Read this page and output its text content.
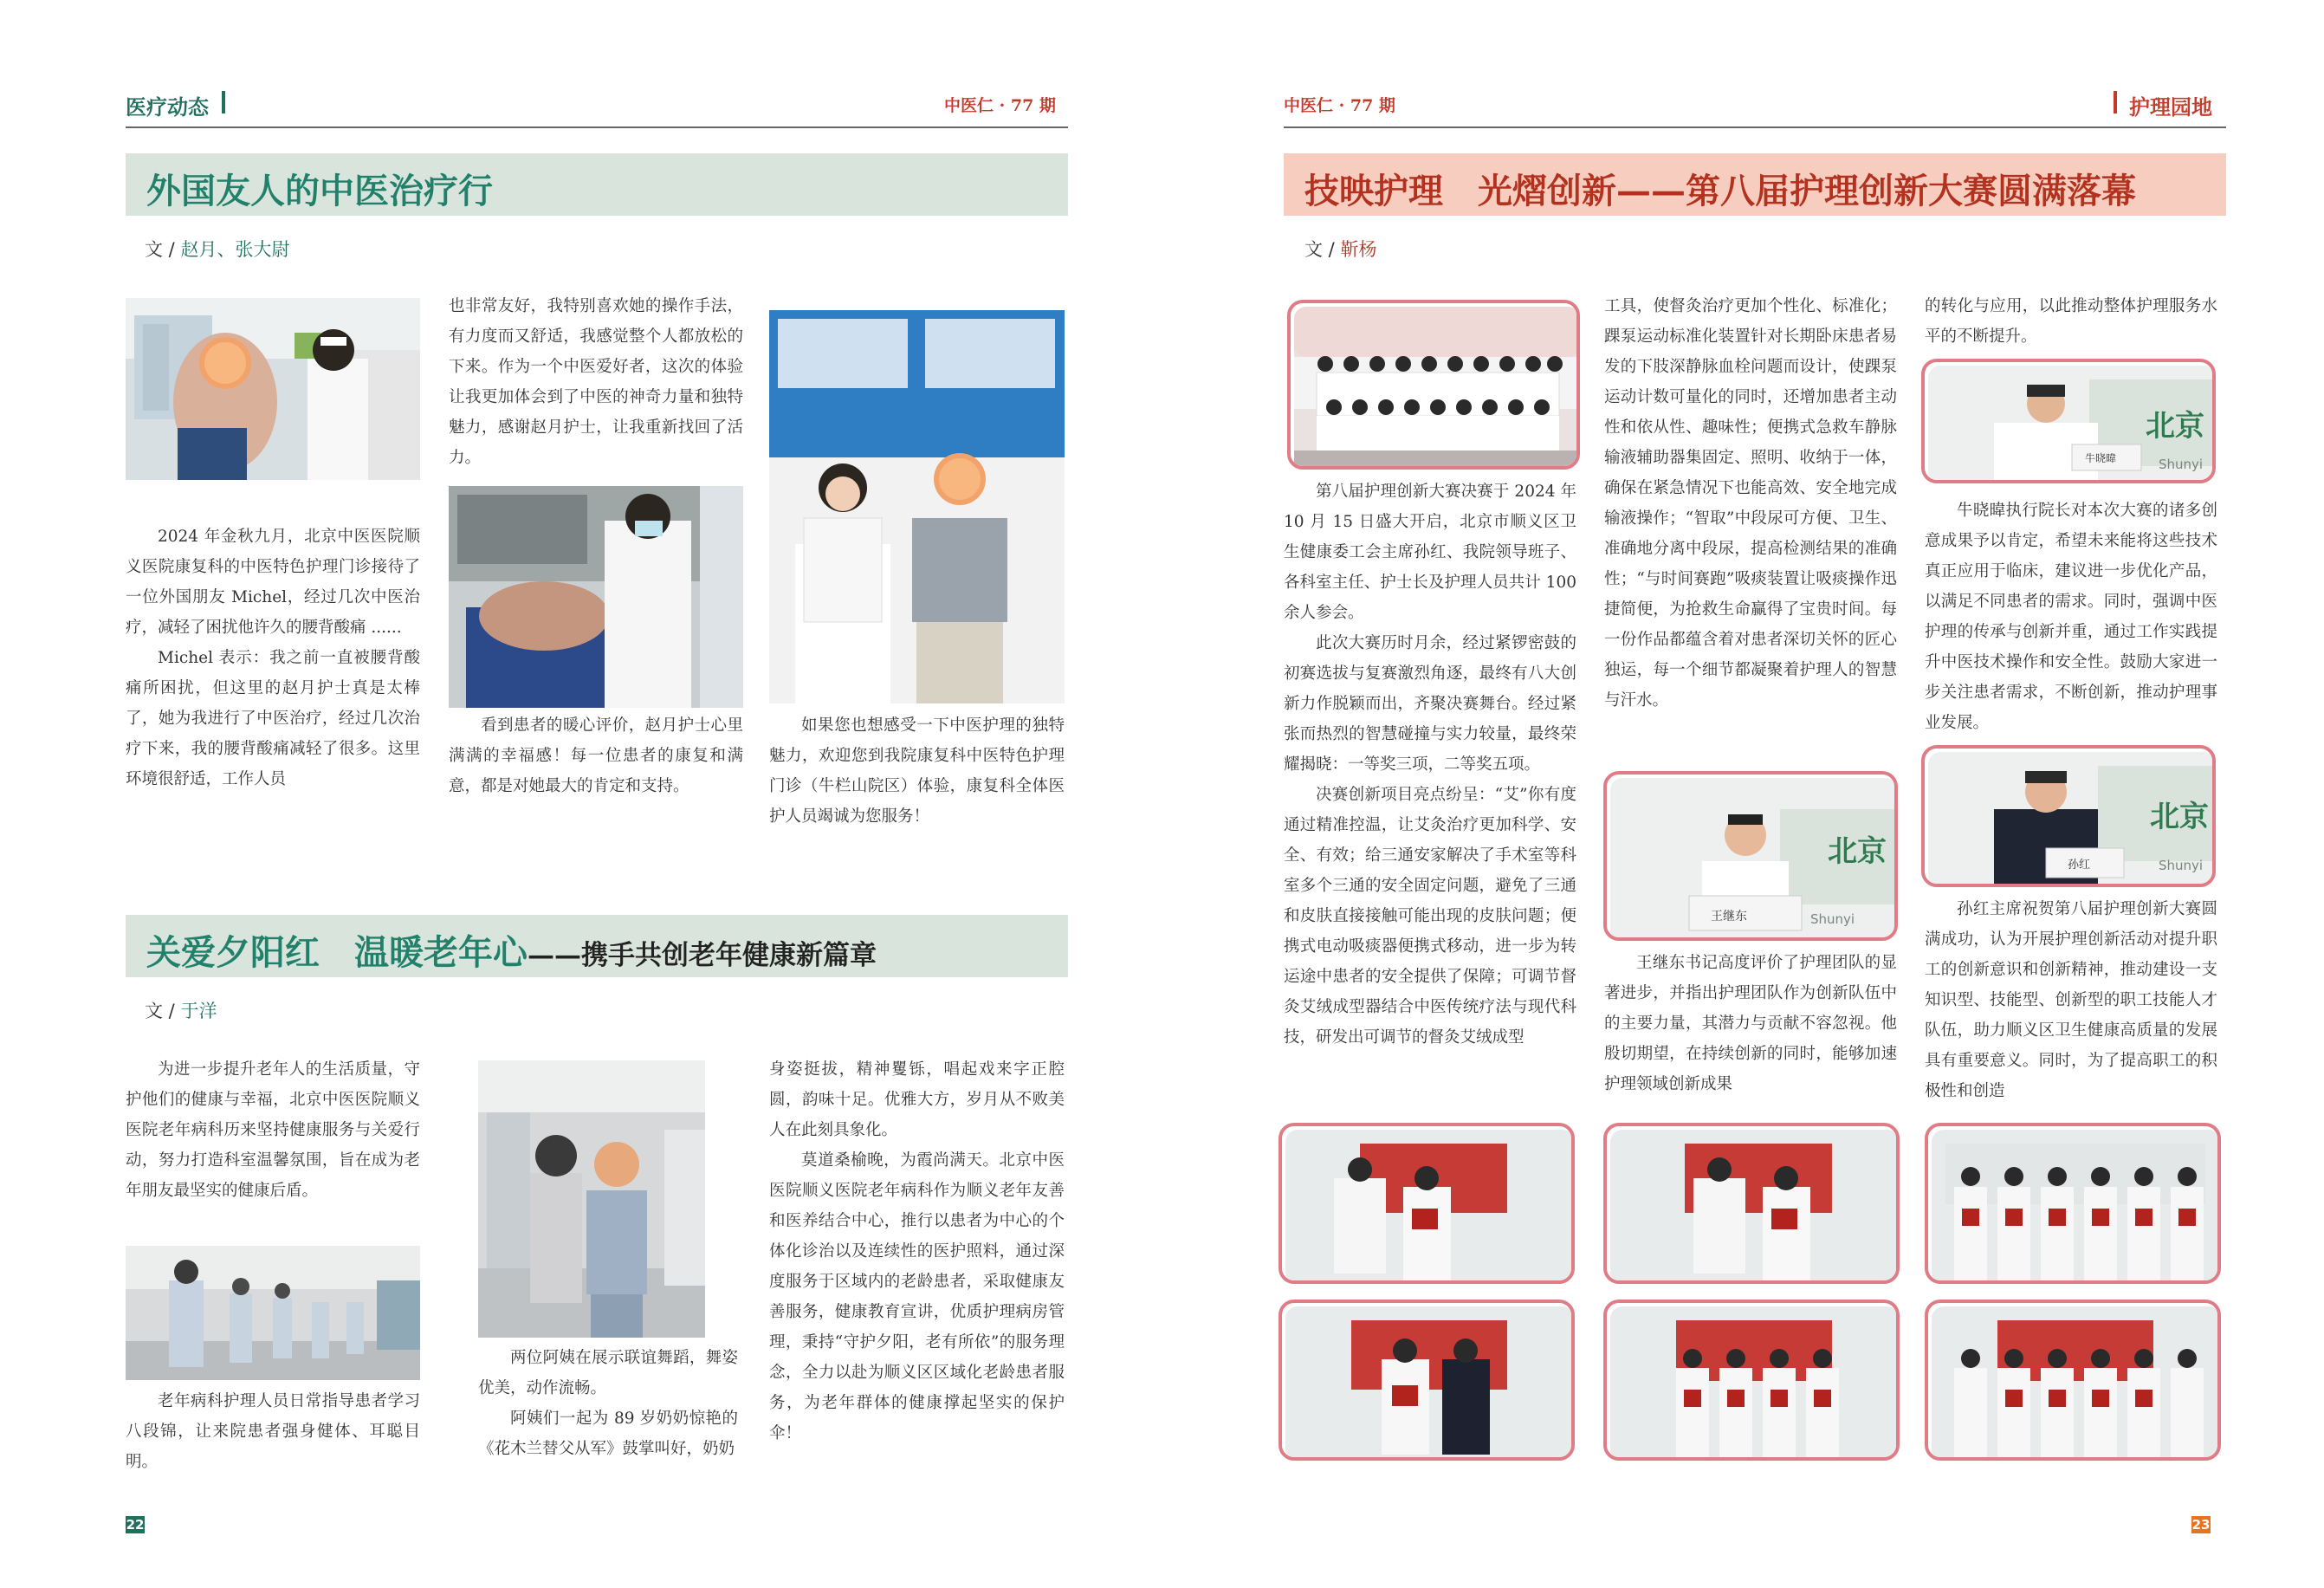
医疗动态	中医仁 · 77 期	中医仁 · 77 期	护理园地
外国友人的中医治疗行
文 / 赵月、张大尉

2024 年金秋九月，北京中医医院顺义医院康复科的中医特色护理门诊接待了一位外国朋友 Michel，经过几次中医治疗，减轻了困扰他许久的腰背酸痛 ......

Michel 表示：我之前一直被腰背酸痛所困扰，但这里的赵月护士真是太棒了，她为我进行了中医治疗，经过几次治疗下来，我的腰背酸痛减轻了很多。这里环境很舒适，工作人员

也非常友好，我特别喜欢她的操作手法，有力度而又舒适，我感觉整个人都放松的下来。作为一个中医爱好者，这次的体验让我更加体会到了中医的神奇力量和独特魅力，感谢赵月护士，让我重新找回了活力。

看到患者的暖心评价，赵月护士心里满满的幸福感！每一位患者的康复和满意，都是对她最大的肯定和支持。

如果您也想感受一下中医护理的独特魅力，欢迎您到我院康复科中医特色护理门诊（牛栏山院区）体验，康复科全体医护人员竭诚为您服务！

关爱夕阳红　温暖老年心——携手共创老年健康新篇章
文 / 于洋

为进一步提升老年人的生活质量，守护他们的健康与幸福，北京中医医院顺义医院老年病科历来坚持健康服务与关爱行动，努力打造科室温馨氛围，旨在成为老年朋友最坚实的健康后盾。

老年病科护理人员日常指导患者学习八段锦，让来院患者强身健体、耳聪目明。

两位阿姨在展示联谊舞蹈，舞姿优美，动作流畅。

阿姨们一起为 89 岁奶奶惊艳的《花木兰替父从军》鼓掌叫好，奶奶

身姿挺拔，精神矍铄，唱起戏来字正腔圆，韵味十足。优雅大方，岁月从不败美人在此刻具象化。

莫道桑榆晚，为霞尚满天。北京中医医院顺义医院老年病科作为顺义老年友善和医养结合中心，推行以患者为中心的个体化诊治以及连续性的医护照料，通过深度服务于区域内的老龄患者，采取健康友善服务，健康教育宣讲，优质护理病房管理，秉持“守护夕阳，老有所依”的服务理念，全力以赴为顺义区区域化老龄患者服务，为老年群体的健康撑起坚实的保护伞！

22
技映护理　光熠创新——第八届护理创新大赛圆满落幕
文 / 靳杨

第八届护理创新大赛决赛于 2024 年 10 月 15 日盛大开启，北京市顺义区卫生健康委工会主席孙红、我院领导班子、各科室主任、护士长及护理人员共计 100 余人参会。

此次大赛历时月余，经过紧锣密鼓的初赛选拔与复赛激烈角逐，最终有八大创新力作脱颖而出，齐聚决赛舞台。经过紧张而热烈的智慧碰撞与实力较量，最终荣耀揭晓：一等奖三项，二等奖五项。

决赛创新项目亮点纷呈：“艾”你有度通过精准控温，让艾灸治疗更加科学、安全、有效；给三通安家解决了手术室等科室多个三通的安全固定问题，避免了三通和皮肤直接接触可能出现的皮肤问题；便携式电动吸痰器便携式移动，进一步为转运途中患者的安全提供了保障；可调节督灸艾绒成型器结合中医传统疗法与现代科技，研发出可调节的督灸艾绒成型

工具，使督灸治疗更加个性化、标准化；踝泵运动标准化装置针对长期卧床患者易发的下肢深静脉血栓问题而设计，使踝泵运动计数可量化的同时，还增加患者主动性和依从性、趣味性；便携式急救车静脉输液辅助器集固定、照明、收纳于一体，确保在紧急情况下也能高效、安全地完成输液操作；“智取”中段尿可方便、卫生、准确地分离中段尿，提高检测结果的准确性；“与时间赛跑”吸痰装置让吸痰操作迅捷简便，为抢救生命赢得了宝贵时间。每一份作品都蕴含着对患者深切关怀的匠心独运，每一个细节都凝聚着护理人的智慧与汗水。

北京
Shunyi
王继东

王继东书记高度评价了护理团队的显著进步，并指出护理团队作为创新队伍中的主要力量，其潜力与贡献不容忽视。他殷切期望，在持续创新的同时，能够加速护理领域创新成果

的转化与应用，以此推动整体护理服务水平的不断提升。

北京
Shunyi
牛晓暐

牛晓暐执行院长对本次大赛的诸多创意成果予以肯定，希望未来能将这些技术真正应用于临床，建议进一步优化产品，以满足不同患者的需求。同时，强调中医护理的传承与创新并重，通过工作实践提升中医技术操作和安全性。鼓励大家进一步关注患者需求，不断创新，推动护理事业发展。

北京
Shunyi
孙红

孙红主席祝贺第八届护理创新大赛圆满成功，认为开展护理创新活动对提升职工的创新意识和创新精神，推动建设一支知识型、技能型、创新型的职工技能人才队伍，助力顺义区卫生健康高质量的发展具有重要意义。同时，为了提高职工的积极性和创造

23
